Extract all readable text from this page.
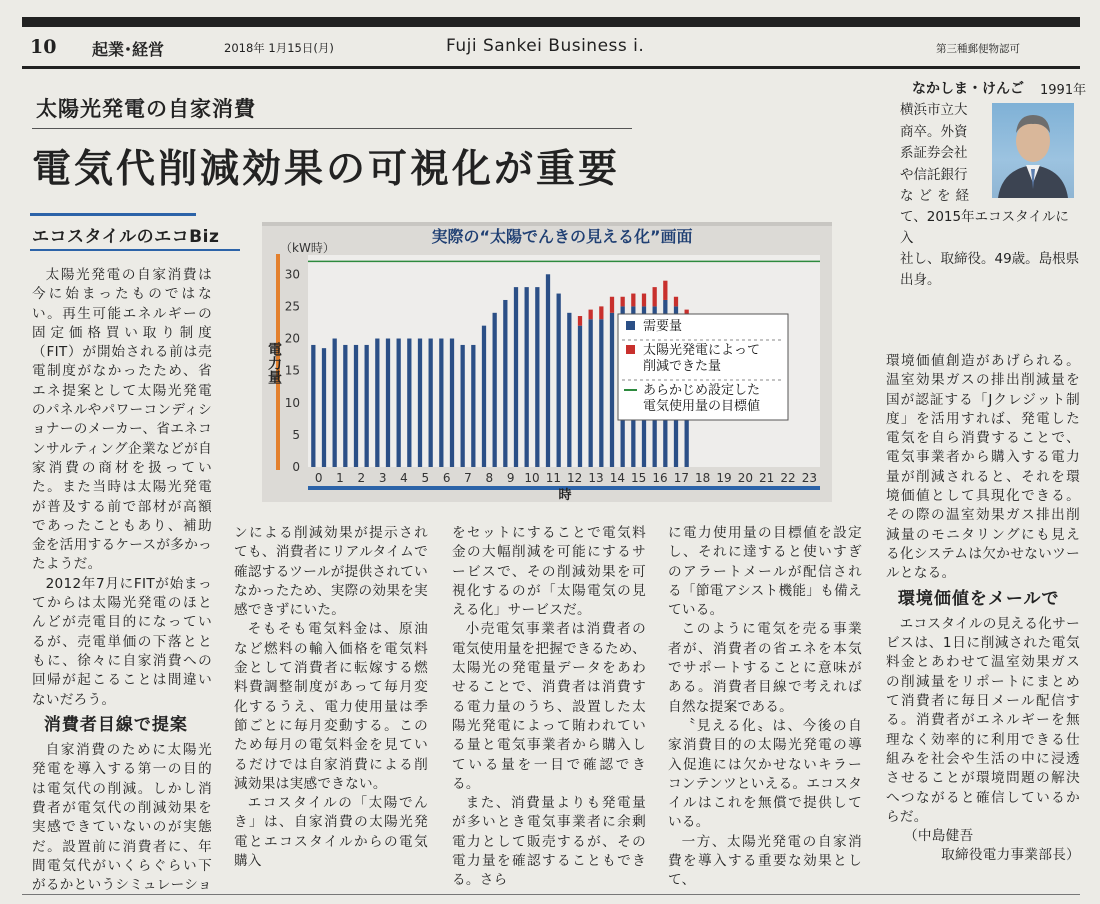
10 起業･経営	2018年 1月15日(月)	Fuji Sankei Business i.	第三種郵便物認可
太陽光発電の自家消費
電気代削減効果の可視化が重要
エコスタイルのエコBiz
なかしま・けんご 1991年
横浜市立大
商卒。外資
系証券会社
や信託銀行
などを経
て、2015年エコスタイルに入
社し、取締役。49歳。島根県
出身。
実際の“太陽でんきの見える化”画面
（kW時）
電力量
0
5
10
15
20
25
30
0 1 2 3 4 5 6 7 8 9 10 11 12 13 14 15 16 17 18 19 20 21 22 23
時
需要量
太陽光発電によって
削減できた量
あらかじめ設定した
電気使用量の目標値

太陽光発電の自家消費は今に始まったものではない。再生可能エネルギーの固定価格買い取り制度（FIT）が開始される前は売電制度がなかったため、省エネ提案として太陽光発電のパネルやパワーコンディショナーのメーカー、省エネコンサルティング企業などが自家消費の商材を扱っていた。また当時は太陽光発電が普及する前で部材が高額であったこともあり、補助金を活用するケースが多かったようだ。

2012年7月にFITが始まってからは太陽光発電のほとんどが売電目的になっているが、売電単価の下落とともに、徐々に自家消費への回帰が起こることは間違いないだろう。

消費者目線で提案

自家消費のために太陽光発電を導入する第一の目的は電気代の削減。しかし消費者が電気代の削減効果を実感できていないのが実態だ。設置前に消費者に、年間電気代がいくらぐらい下がるかというシミュレーショ

ンによる削減効果が提示されても、消費者にリアルタイムで確認するツールが提供されていなかったため、実際の効果を実感できずにいた。

そもそも電気料金は、原油など燃料の輸入価格を電気料金として消費者に転嫁する燃料費調整制度があって毎月変化するうえ、電力使用量は季節ごとに毎月変動する。このため毎月の電気料金を見ているだけでは自家消費による削減効果は実感できない。

エコスタイルの「太陽でんき」は、自家消費の太陽光発電とエコスタイルからの電気購入

をセットにすることで電気料金の大幅削減を可能にするサービスで、その削減効果を可視化するのが「太陽電気の見える化」サービスだ。

小売電気事業者は消費者の電気使用量を把握できるため、太陽光の発電量データをあわせることで、消費者は消費する電力量のうち、設置した太陽光発電によって賄われている量と電気事業者から購入している量を一目で確認できる。

また、消費量よりも発電量が多いとき電気事業者に余剰電力として販売するが、その電力量を確認することもできる。さら

に電力使用量の目標値を設定し、それに達すると使いすぎのアラートメールが配信される「節電アシスト機能」も備えている。

このように電気を売る事業者が、消費者の省エネを本気でサポートすることに意味がある。消費者目線で考えれば自然な提案である。

〝見える化〟は、今後の自家消費目的の太陽光発電の導入促進には欠かせないキラーコンテンツといえる。エコスタイルはこれを無償で提供している。

一方、太陽光発電の自家消費を導入する重要な効果として、

環境価値創造があげられる。温室効果ガスの排出削減量を国が認証する「Jクレジット制度」を活用すれば、発電した電気を自ら消費することで、電気事業者から購入する電力量が削減されると、それを環境価値として具現化できる。その際の温室効果ガス排出削減量のモニタリングにも見える化システムは欠かせないツールとなる。

環境価値をメールで

エコスタイルの見える化サービスは、1日に削減された電気料金とあわせて温室効果ガスの削減量をリポートにまとめて消費者に毎日メール配信する。消費者がエネルギーを無理なく効率的に利用できる仕組みを社会や生活の中に浸透させることが環境問題の解決へつながると確信しているからだ。

（中島健吾
取締役電力事業部長）
